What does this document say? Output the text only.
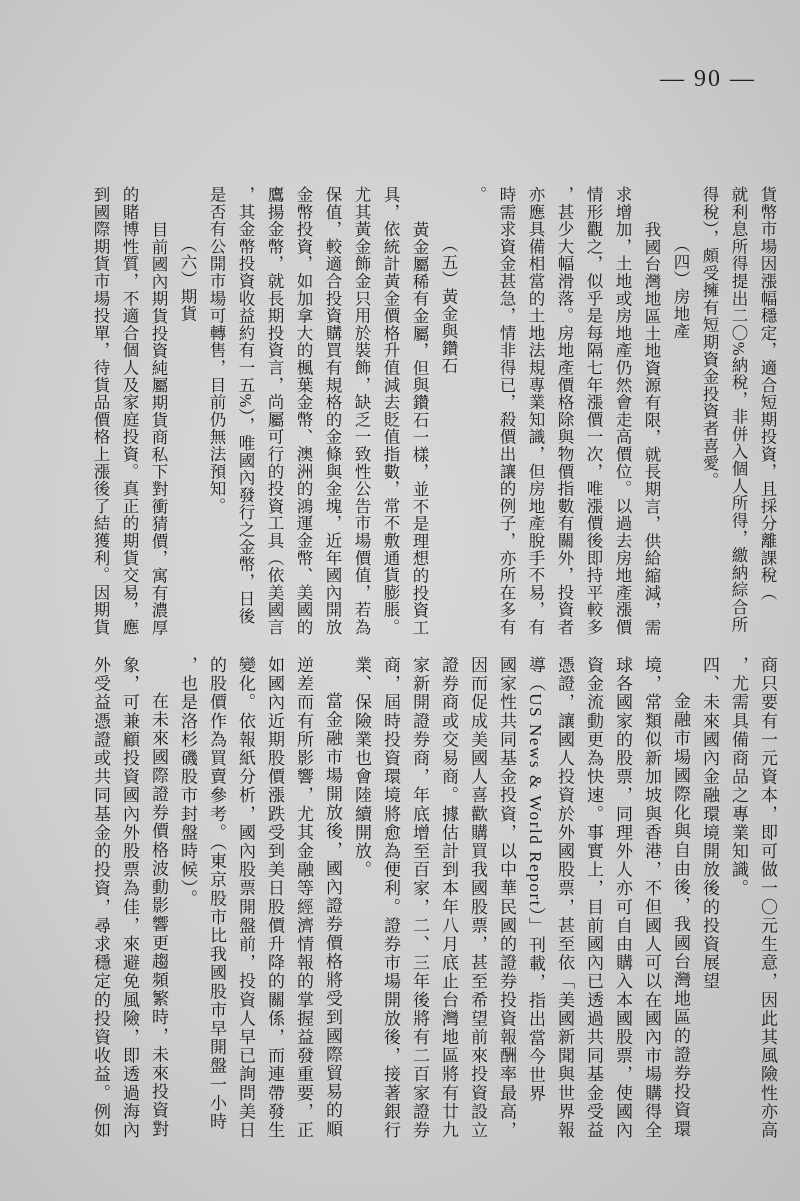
— 90 —
貨幣市場因漲幅穩定，適合短期投資，且採分離課稅（
就利息所得提出二〇%納稅，非併入個人所得，繳納綜合所
得稅），頗受擁有短期資金投資者喜愛。
（四）房地產
我國台灣地區土地資源有限，就長期言，供給縮減，需
求增加，土地或房地產仍然會走高價位。以過去房地產漲價
情形觀之，似乎是每隔七年漲價一次，唯漲價後即持平較多
，甚少大幅滑落。房地產價格除與物價指數有關外，投資者
亦應具備相當的土地法規專業知識，但房地產脫手不易，有
時需求資金甚急，情非得已，殺價出讓的例子，亦所在多有
。
（五）黃金與鑽石
黃金屬稀有金屬，但與鑽石一樣，並不是理想的投資工
具，依統計黃金價格升值減去貶值指數，常不敷通貨膨脹。
尤其黃金飾金只用於裝飾，缺乏一致性公告市場價值，若為
保值，較適合投資購買有規格的金條與金塊，近年國內開放
金幣投資，如加拿大的楓葉金幣、澳洲的鴻運金幣、美國的
鷹揚金幣，就長期投資言，尚屬可行的投資工具（依美國言
，其金幣投資收益約有一五%），唯國內發行之金幣，日後
是否有公開市場可轉售，目前仍無法預知。
（六）期貨
目前國內期貨投資純屬期貨商私下對衝猜價，寓有濃厚
的賭博性質，不適合個人及家庭投資。真正的期貨交易，應
到國際期貨市場投單，待貨品價格上漲後了結獲利。因期貨
商只要有一元資本，即可做一〇元生意，因此其風險性亦高
，尤需具備商品之專業知識。
四、未來國內金融環境開放後的投資展望
金融市場國際化與自由後，我國台灣地區的證券投資環
境，常類似新加坡與香港，不但國人可以在國內市場購得全
球各國家的股票，同理外人亦可自由購入本國股票，使國內
資金流動更為快速。事實上，目前國內已透過共同基金受益
憑證，讓國人投資於外國股票，甚至依「美國新聞與世界報
導（US News & World Report）」刊載，指出當今世界
國家性共同基金投資，以中華民國的證券投資報酬率最高，
因而促成美國人喜歡購買我國股票，甚至希望前來投資設立
證券商或交易商。據估計到本年八月底止台灣地區將有廿九
家新開證券商，年底增至百家，二、三年後將有二百家證券
商，屆時投資環境將愈為便利。證券市場開放後，接著銀行
業、保險業也會陸續開放。
當金融市場開放後，國內證券價格將受到國際貿易的順
逆差而有所影響，尤其金融等經濟情報的掌握益發重要，正
如國內近期股價漲跌受到美日股價升降的關係，而連帶發生
變化。依報紙分析，國內股票開盤前，投資人早已詢問美日
的股價作為買賣參考。（東京股市比我國股市早開盤一小時
，也是洛杉磯股市封盤時候）。
在未來國際證券價格波動影響更趨頻繁時，未來投資對
象，可兼顧投資國內外股票為佳，來避免風險，即透過海內
外受益憑證或共同基金的投資，尋求穩定的投資收益。例如
